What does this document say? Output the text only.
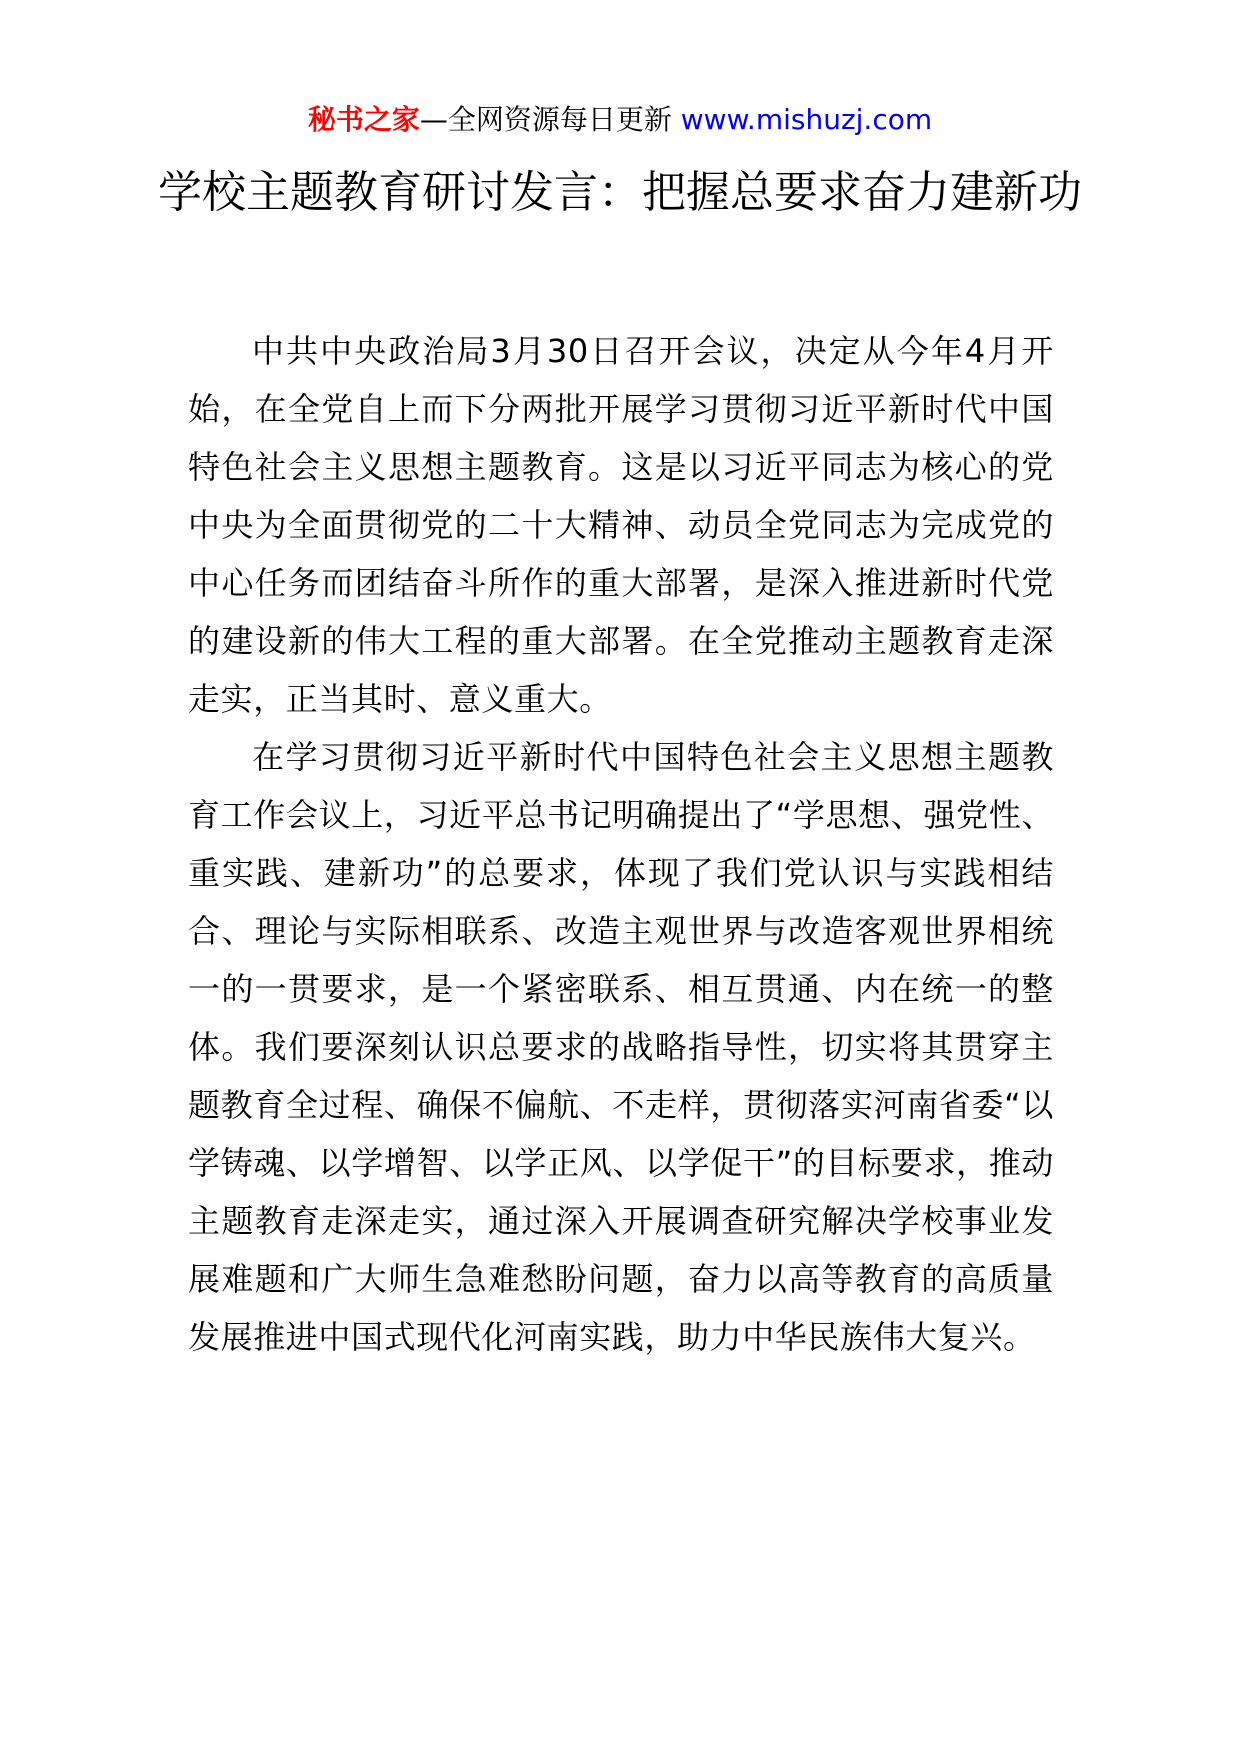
秘书之家—全网资源每日更新 www.mishuzj.com
学校主题教育研讨发言：把握总要求奋力建新功

中共中央政治局3月30日召开会议，决定从今年4月开始，在全党自上而下分两批开展学习贯彻习近平新时代中国特色社会主义思想主题教育。这是以习近平同志为核心的党中央为全面贯彻党的二十大精神、动员全党同志为完成党的中心任务而团结奋斗所作的重大部署，是深入推进新时代党的建设新的伟大工程的重大部署。在全党推动主题教育走深走实，正当其时、意义重大。

在学习贯彻习近平新时代中国特色社会主义思想主题教育工作会议上，习近平总书记明确提出了“学思想、强党性、重实践、建新功”的总要求，体现了我们党认识与实践相结合、理论与实际相联系、改造主观世界与改造客观世界相统一的一贯要求，是一个紧密联系、相互贯通、内在统一的整体。我们要深刻认识总要求的战略指导性，切实将其贯穿主题教育全过程、确保不偏航、不走样，贯彻落实河南省委“以学铸魂、以学增智、以学正风、以学促干”的目标要求，推动主题教育走深走实，通过深入开展调查研究解决学校事业发展难题和广大师生急难愁盼问题，奋力以高等教育的高质量发展推进中国式现代化河南实践，助力中华民族伟大复兴。
